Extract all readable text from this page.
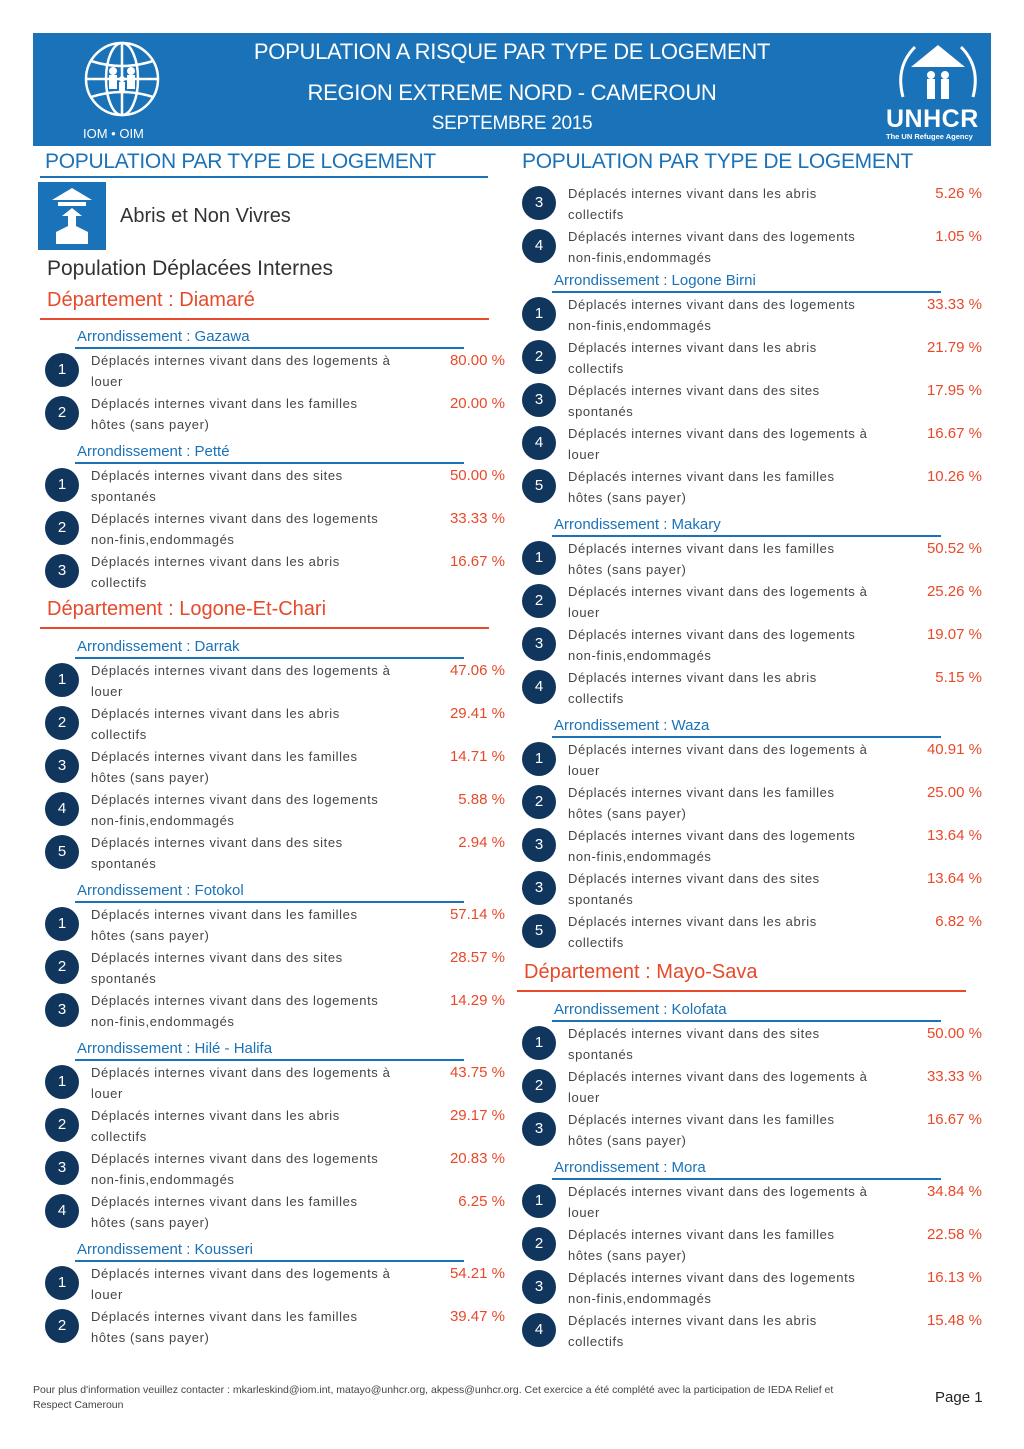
IOM • OIM
POPULATION A RISQUE PAR TYPE DE LOGEMENT
REGION EXTREME NORD - CAMEROUN
SEPTEMBRE 2015	UNHCR
The UN Refugee Agency
POPULATION PAR TYPE DE LOGEMENT
Abris et Non Vivres
Population Déplacées Internes
Département : Diamaré
Arrondissement : Gazawa
1
Déplacés internes vivant dans des logements à louer
80.00 %
2
Déplacés internes vivant dans les familles hôtes (sans payer)
20.00 %
Arrondissement : Petté
1
Déplacés internes vivant dans des sites spontanés
50.00 %
2
Déplacés internes vivant dans des logements non-finis,endommagés
33.33 %
3
Déplacés internes vivant dans les abris collectifs
16.67 %
Département : Logone-Et-Chari
Arrondissement : Darrak
1
Déplacés internes vivant dans des logements à louer
47.06 %
2
Déplacés internes vivant dans les abris collectifs
29.41 %
3
Déplacés internes vivant dans les familles hôtes (sans payer)
14.71 %
4
Déplacés internes vivant dans des logements non-finis,endommagés
5.88 %
5
Déplacés internes vivant dans des sites spontanés
2.94 %
Arrondissement : Fotokol
1
Déplacés internes vivant dans les familles hôtes (sans payer)
57.14 %
2
Déplacés internes vivant dans des sites spontanés
28.57 %
3
Déplacés internes vivant dans des logements non-finis,endommagés
14.29 %
Arrondissement : Hilé - Halifa
1
Déplacés internes vivant dans des logements à louer
43.75 %
2
Déplacés internes vivant dans les abris collectifs
29.17 %
3
Déplacés internes vivant dans des logements non-finis,endommagés
20.83 %
4
Déplacés internes vivant dans les familles hôtes (sans payer)
6.25 %
Arrondissement : Kousseri
1
Déplacés internes vivant dans des logements à louer
54.21 %
2
Déplacés internes vivant dans les familles hôtes (sans payer)
39.47 %
3
Déplacés internes vivant dans les abris collectifs
5.26 %
4
Déplacés internes vivant dans des logements non-finis,endommagés
1.05 %
Arrondissement : Logone Birni
1
Déplacés internes vivant dans des logements non-finis,endommagés
33.33 %
2
Déplacés internes vivant dans les abris collectifs
21.79 %
3
Déplacés internes vivant dans des sites spontanés
17.95 %
4
Déplacés internes vivant dans des logements à louer
16.67 %
5
Déplacés internes vivant dans les familles hôtes (sans payer)
10.26 %
Arrondissement : Makary
1
Déplacés internes vivant dans les familles hôtes (sans payer)
50.52 %
2
Déplacés internes vivant dans des logements à louer
25.26 %
3
Déplacés internes vivant dans des logements non-finis,endommagés
19.07 %
4
Déplacés internes vivant dans les abris collectifs
5.15 %
Arrondissement : Waza
1
Déplacés internes vivant dans des logements à louer
40.91 %
2
Déplacés internes vivant dans les familles hôtes (sans payer)
25.00 %
3
Déplacés internes vivant dans des logements non-finis,endommagés
13.64 %
3
Déplacés internes vivant dans des sites spontanés
13.64 %
5
Déplacés internes vivant dans les abris collectifs
6.82 %
Département : Mayo-Sava
Arrondissement : Kolofata
1
Déplacés internes vivant dans des sites spontanés
50.00 %
2
Déplacés internes vivant dans des logements à louer
33.33 %
3
Déplacés internes vivant dans les familles hôtes (sans payer)
16.67 %
Arrondissement : Mora
1
Déplacés internes vivant dans des logements à louer
34.84 %
2
Déplacés internes vivant dans les familles hôtes (sans payer)
22.58 %
3
Déplacés internes vivant dans des logements non-finis,endommagés
16.13 %
4
Déplacés internes vivant dans les abris collectifs
15.48 %
POPULATION PAR TYPE DE LOGEMENT
Pour plus d'information veuillez contacter : mkarleskind@iom.int, matayo@unhcr.org, akpess@unhcr.org. Cet exercice a été complété avec la participation de IEDA Relief et Respect Cameroun	Page 1
